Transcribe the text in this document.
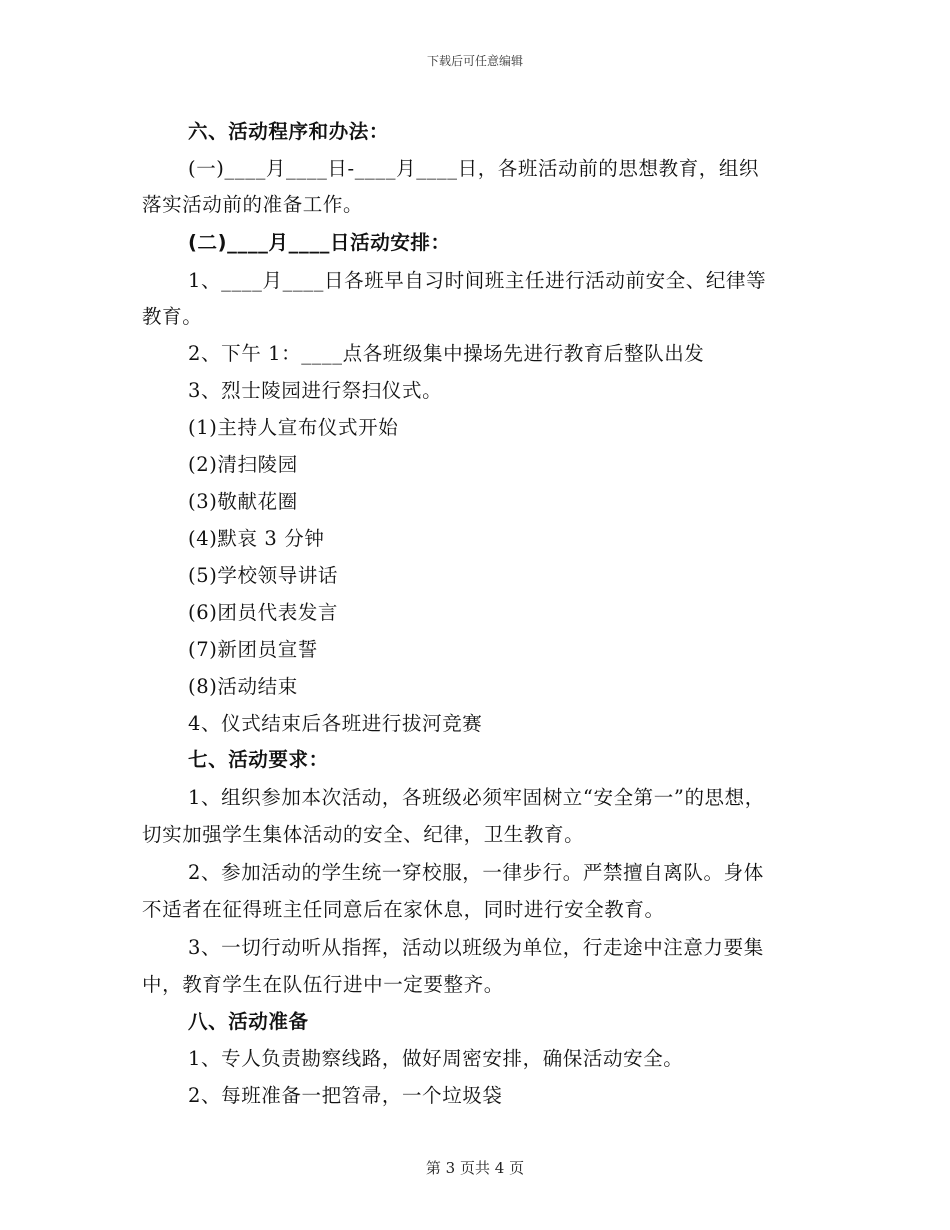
下载后可任意编辑
六、活动程序和办法：
(一)____月____日-____月____日，各班活动前的思想教育，组织
落实活动前的准备工作。
(二)____月____日活动安排：
1、____月____日各班早自习时间班主任进行活动前安全、纪律等
教育。
2、下午 1：____点各班级集中操场先进行教育后整队出发
3、烈士陵园进行祭扫仪式。
(1)主持人宣布仪式开始
(2)清扫陵园
(3)敬献花圈
(4)默哀 3 分钟
(5)学校领导讲话
(6)团员代表发言
(7)新团员宣誓
(8)活动结束
4、仪式结束后各班进行拔河竞赛
七、活动要求：
1、组织参加本次活动，各班级必须牢固树立“安全第一”的思想，
切实加强学生集体活动的安全、纪律，卫生教育。
2、参加活动的学生统一穿校服，一律步行。严禁擅自离队。身体
不适者在征得班主任同意后在家休息，同时进行安全教育。
3、一切行动听从指挥，活动以班级为单位，行走途中注意力要集
中，教育学生在队伍行进中一定要整齐。
八、活动准备
1、专人负责勘察线路，做好周密安排，确保活动安全。
2、每班准备一把笤帚，一个垃圾袋
第 3 页共 4 页
